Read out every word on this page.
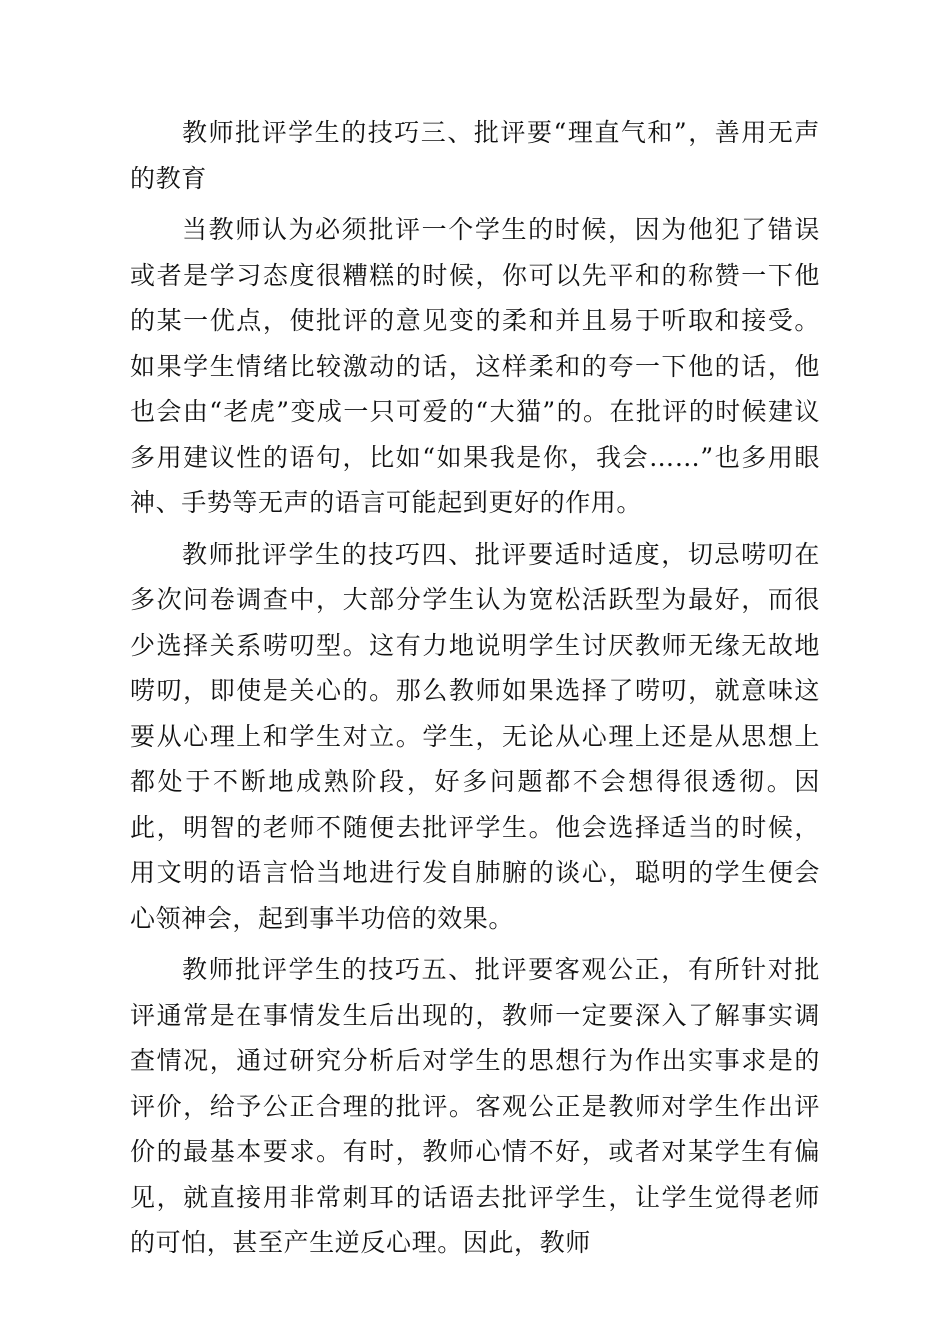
教师批评学生的技巧三、批评要“理直气和”，善用无声的教育

当教师认为必须批评一个学生的时候，因为他犯了错误或者是学习态度很糟糕的时候，你可以先平和的称赞一下他的某一优点，使批评的意见变的柔和并且易于听取和接受。如果学生情绪比较激动的话，这样柔和的夸一下他的话，他也会由“老虎”变成一只可爱的“大猫”的。在批评的时候建议多用建议性的语句，比如“如果我是你，我会……”也多用眼神、手势等无声的语言可能起到更好的作用。

教师批评学生的技巧四、批评要适时适度，切忌唠叨在多次问卷调查中，大部分学生认为宽松活跃型为最好，而很少选择关系唠叨型。这有力地说明学生讨厌教师无缘无故地唠叨，即使是关心的。那么教师如果选择了唠叨，就意味这要从心理上和学生对立。学生，无论从心理上还是从思想上都处于不断地成熟阶段，好多问题都不会想得很透彻。因此，明智的老师不随便去批评学生。他会选择适当的时候，用文明的语言恰当地进行发自肺腑的谈心，聪明的学生便会心领神会，起到事半功倍的效果。

教师批评学生的技巧五、批评要客观公正，有所针对批评通常是在事情发生后出现的，教师一定要深入了解事实调查情况，通过研究分析后对学生的思想行为作出实事求是的评价，给予公正合理的批评。客观公正是教师对学生作出评价的最基本要求。有时，教师心情不好，或者对某学生有偏见，就直接用非常刺耳的话语去批评学生，让学生觉得老师的可怕，甚至产生逆反心理。因此，教师
